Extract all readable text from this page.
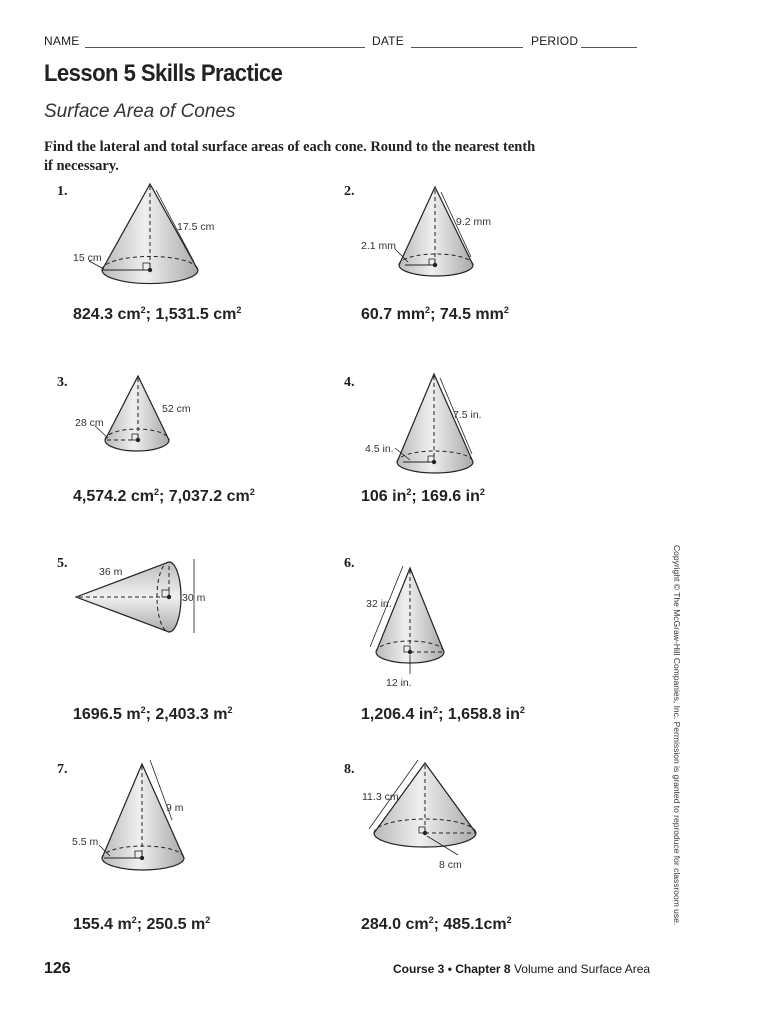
NAME	DATE	PERIOD
Lesson 5 Skills Practice
Surface Area of Cones
Find the lateral and total surface areas of each cone. Round to the nearest tenth if necessary.
1.	2.
3.	4.
5.	6.
7.	8.
17.5 cm
15 cm
9.2 mm
2.1 mm
52 cm
28 cm
7.5 in.
4.5 in.
36 m
30 m	32 in.
12 in.
9 m
5.5 m
11.3 cm
8 cm
824.3 $cm^2$; 1,531.5 $cm^2$	60.7 $mm^2$; 74.5 $mm^2$
4,574.2 $cm^2$; 7,037.2 $cm^2$	106 $in^2$; 169.6 $in^2$
1696.5 $m^2$; 2,403.3 $m^2$	1,206.4 $in^2$; 1,658.8 $in^2$
155.4 $m^2$; 250.5 $m^2$	284.0 $cm^2$; $485.1cm^2$	Copyright © The McGraw-Hill Companies, Inc. Permission is granted to reproduce for classroom use.
126	Course 3 • Chapter 8 Volume and Surface Area
